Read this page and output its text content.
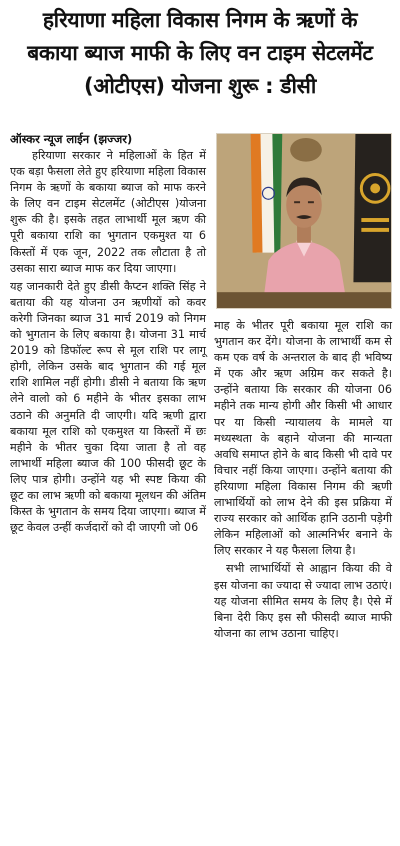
हरियाणा महिला विकास निगम के ऋणों के
बकाया ब्याज माफी के लिए वन टाइम सेटलमेंट
(ओटीएस) योजना शुरू : डीसी
ऑस्कर न्यूज लाईन (झज्जर)

हरियाणा सरकार ने महिलाओं के हित में एक बड़ा फैसला लेते हुए हरियाणा महिला विकास निगम के ऋणों के बकाया ब्याज को माफ करने के लिए वन टाइम सेटलमेंट (ओटीएस )योजना शुरू की है। इसके तहत लाभार्थी मूल ऋण की पूरी बकाया राशि का भुगतान एकमुश्त या 6 किस्तों में एक जून, 2022 तक लौटाता है तो उसका सारा ब्याज माफ कर दिया जाएगा।

यह जानकारी देते हुए डीसी कैप्टन शक्ति सिंह ने बताया की यह योजना उन ऋणीयों को कवर करेगी जिनका ब्याज 31 मार्च 2019 को निगम को भुगतान के लिए बकाया है। योजना 31 मार्च 2019 को डिफॉल्ट रूप से मूल राशि पर लागू होगी, लेकिन उसके बाद भुगतान की गई मूल राशि शामिल नहीं होगी। डीसी ने बताया कि ऋण लेने वालो को 6 महीने के भीतर इसका लाभ उठाने की अनुमति दी जाएगी। यदि ऋणी द्वारा बकाया मूल राशि को एकमुश्त या किस्तों में छः महीने के भीतर चुका दिया जाता है तो वह लाभार्थी महिला ब्याज की 100 फीसदी छूट के लिए पात्र होगी। उन्होंने यह भी स्पष्ट किया की छूट का लाभ ऋणी को बकाया मूलधन की अंतिम किस्त के भुगतान के समय दिया जाएगा। ब्याज में छूट केवल उन्हीं कर्जदारों को दी जाएगी जो 06

माह के भीतर पूरी बकाया मूल राशि का भुगतान कर देंगे। योजना के लाभार्थी कम से कम एक वर्ष के अन्तराल के बाद ही भविष्य में एक और ऋण अग्रिम कर सकते है। उन्होंने बताया कि सरकार की योजना 06 महीने तक मान्य होगी और किसी भी आधार पर या किसी न्यायालय के मामले या मध्यस्थता के बहाने योजना की मान्यता अवधि समाप्त होने के बाद किसी भी दावे पर विचार नहीं किया जाएगा। उन्होंने बताया की हरियाणा महिला विकास निगम की ऋणी लाभार्थियों को लाभ देने की इस प्रक्रिया में राज्य सरकार को आर्थिक हानि उठानी पड़ेगी लेकिन महिलाओं को आत्मनिर्भर बनाने के लिए सरकार ने यह फैसला लिया है।

सभी लाभार्थियों से आह्वान किया की वे इस योजना का ज्यादा से ज्यादा लाभ उठाएं। यह योजना सीमित समय के लिए है। ऐसे में बिना देरी किए इस सौ फीसदी ब्याज माफी योजना का लाभ उठाना चाहिए।
